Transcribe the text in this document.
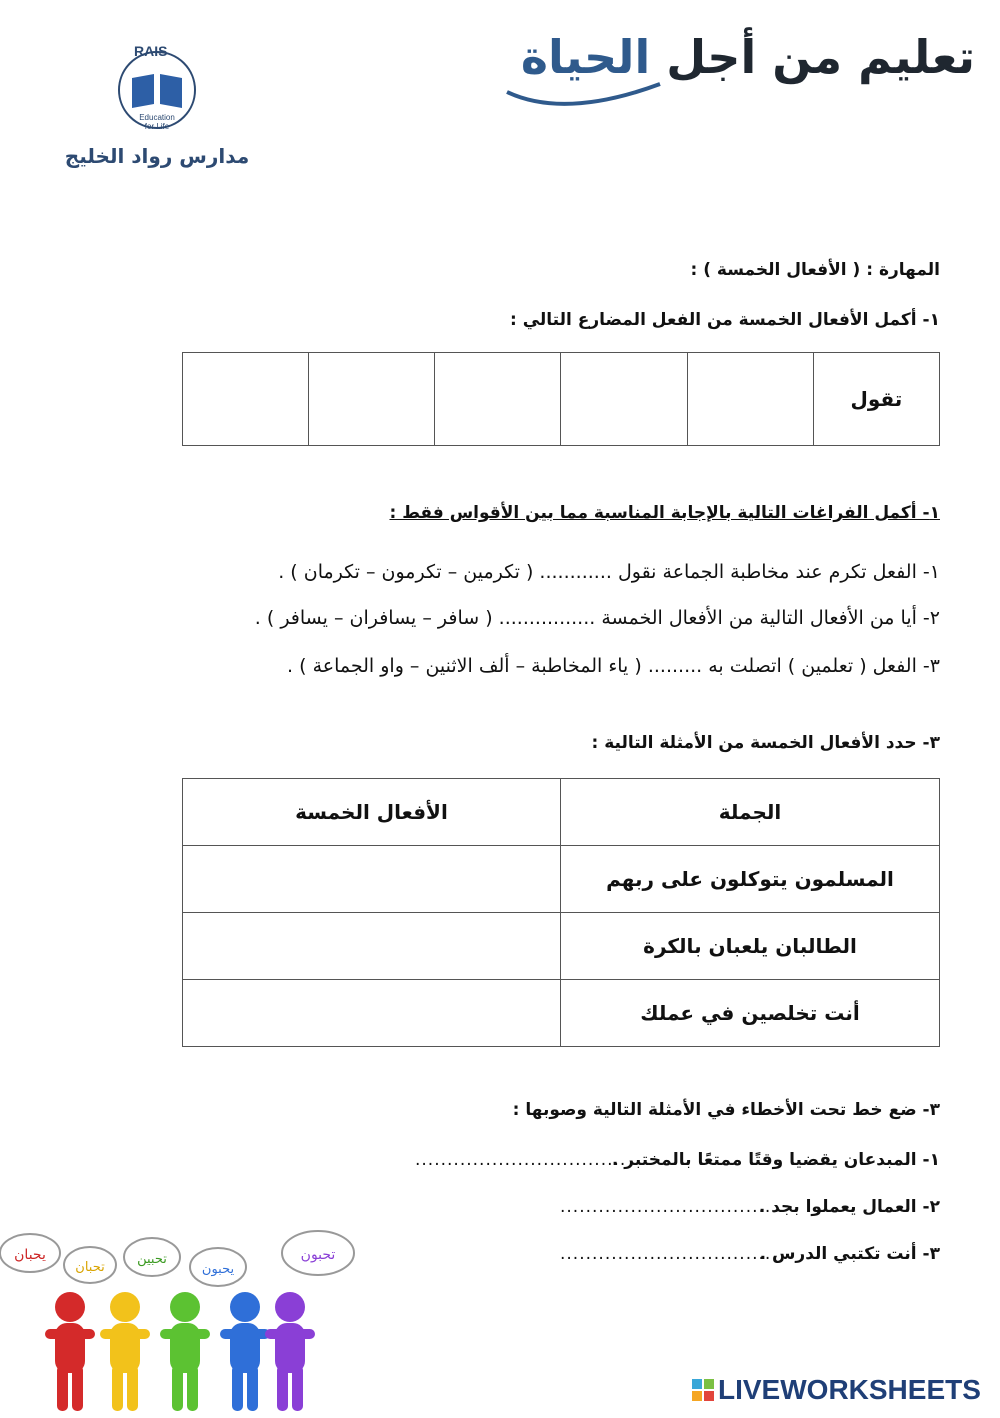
تعليم من أجل الحياة
RAIS
Education
for Life
مدارس رواد الخليج
المهارة : ( الأفعال الخمسة ) :
١- أكمل الأفعال الخمسة من الفعل المضارع التالي :
تقول
١- أكمل الفراغات التالية بالإجابة المناسبة مما بين الأقواس فقط :
١- الفعل تكرم عند مخاطبة الجماعة نقول ............ ( تكرمين – تكرمون – تكرمان ) .
٢- أيا من الأفعال التالية من الأفعال الخمسة ................ ( سافر – يسافران – يسافر ) .
٣- الفعل ( تعلمين ) اتصلت به ......... ( ياء المخاطبة – ألف الاثنين – واو الجماعة ) .
٣- حدد الأفعال الخمسة من الأمثلة التالية :
الجملة	الأفعال الخمسة
المسلمون يتوكلون على ربهم	
الطالبان يلعبان بالكرة	
أنت تخلصين في عملك	
٣- ضع خط تحت الأخطاء في الأمثلة التالية وصوبها :
١- المبدعان يقضيا وقتًا ممتعًا بالمختبر .
.................................
٢- العمال يعملوا بجد .
.................................
٣- أنت تكتبي الدرس .
.................................
يحبان
تحبان
تحبين
يحبون
تحبون
LIVEWORKSHEETS
